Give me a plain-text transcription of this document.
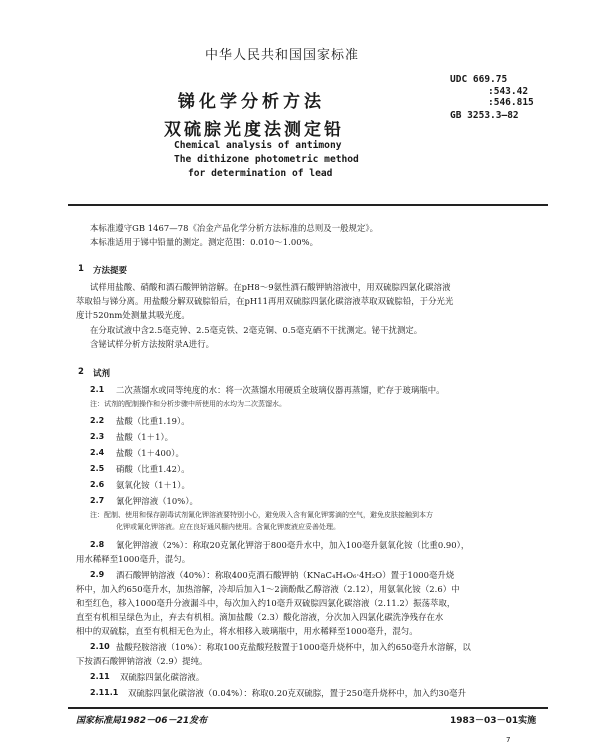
中华人民共和国国家标准
锑化学分析方法
双硫腙光度法测定铅
UDC 669.75
:543.42
:546.815
GB 3253.3—82
Chemical analysis of antimony
The dithizone photometric method
for determination of lead
本标准遵守GB 1467—78《冶金产品化学分析方法标准的总则及一般规定》。
本标准适用于锑中铅量的测定。测定范围：0.010～1.00%。
1 方法提要
试样用盐酸、硝酸和酒石酸钾钠溶解。在pH8～9氨性酒石酸钾钠溶液中，用双硫腙四氯化碳溶液
萃取铅与锑分离。用盐酸分解双硫腙铅后，在pH11再用双硫腙四氯化碳溶液萃取双硫腙铅，于分光光
度计520nm处测量其吸光度。
在分取试液中含2.5毫克钟、2.5毫克铁、2毫克铜、0.5毫克硒不干扰测定。铋干扰测定。
含铋试样分析方法按附录A进行。
2 试剂
2.1 二次蒸馏水或同等纯度的水：将一次蒸馏水用硬质全玻璃仪器再蒸馏，贮存于玻璃瓶中。
注：试剂的配制操作和分析步骤中所使用的水均为二次蒸馏水。
2.2 盐酸（比重1.19）。
2.3 盐酸（1＋1）。
2.4 盐酸（1＋400）。
2.5 硝酸（比重1.42）。
2.6 氨氧化铵（1＋1）。
2.7 氰化钾溶液（10%）。
注：配制、使用和保存剧毒试剂氰化钾溶液要特别小心，避免吸入含有氰化钾雾滴的空气，避免皮肤接触到本方
化钾或氰化钾溶液。应在良好通风橱内使用。含氰化钾废液应妥善处理。
2.8 氰化钾溶液（2%）：称取20克氰化钾溶于800毫升水中，加入100毫升氨氧化铵（比重0.90），
用水稀释至1000毫升，混匀。
2.9 酒石酸钾钠溶液（40%）：称取400克酒石酸钾钠（KNaC₄H₄O₆·4H₂O）置于1000毫升烧
杯中，加入约650毫升水，加热溶解，冷却后加入1～2滴酚酞乙醇溶液（2.12），用氨氧化铵（2.6）中
和至红色，移入1000毫升分液漏斗中，每次加入约10毫升双硫腙四氯化碳溶液（2.11.2）振荡萃取，
直至有机相呈绿色为止，弃去有机相。滴加盐酸（2.3）酸化溶液，分次加入四氯化碳洗净残存在水
相中的双硫腙，直至有机相无色为止，将水相移入玻璃瓶中，用水稀释至1000毫升，混匀。
2.10 盐酸羟胺溶液（10%）：称取100克盐酸羟胺置于1000毫升烧杯中，加入约650毫升水溶解，以
下按酒石酸钾钠溶液（2.9）提纯。
2.11 双硫腙四氯化碳溶液。
2.11.1 双硫腙四氯化碳溶液（0.04%）：称取0.20克双硫腙，置于250毫升烧杯中，加入约30毫升
国家标准局1982－06－21发布	1983－03－01实施
7
